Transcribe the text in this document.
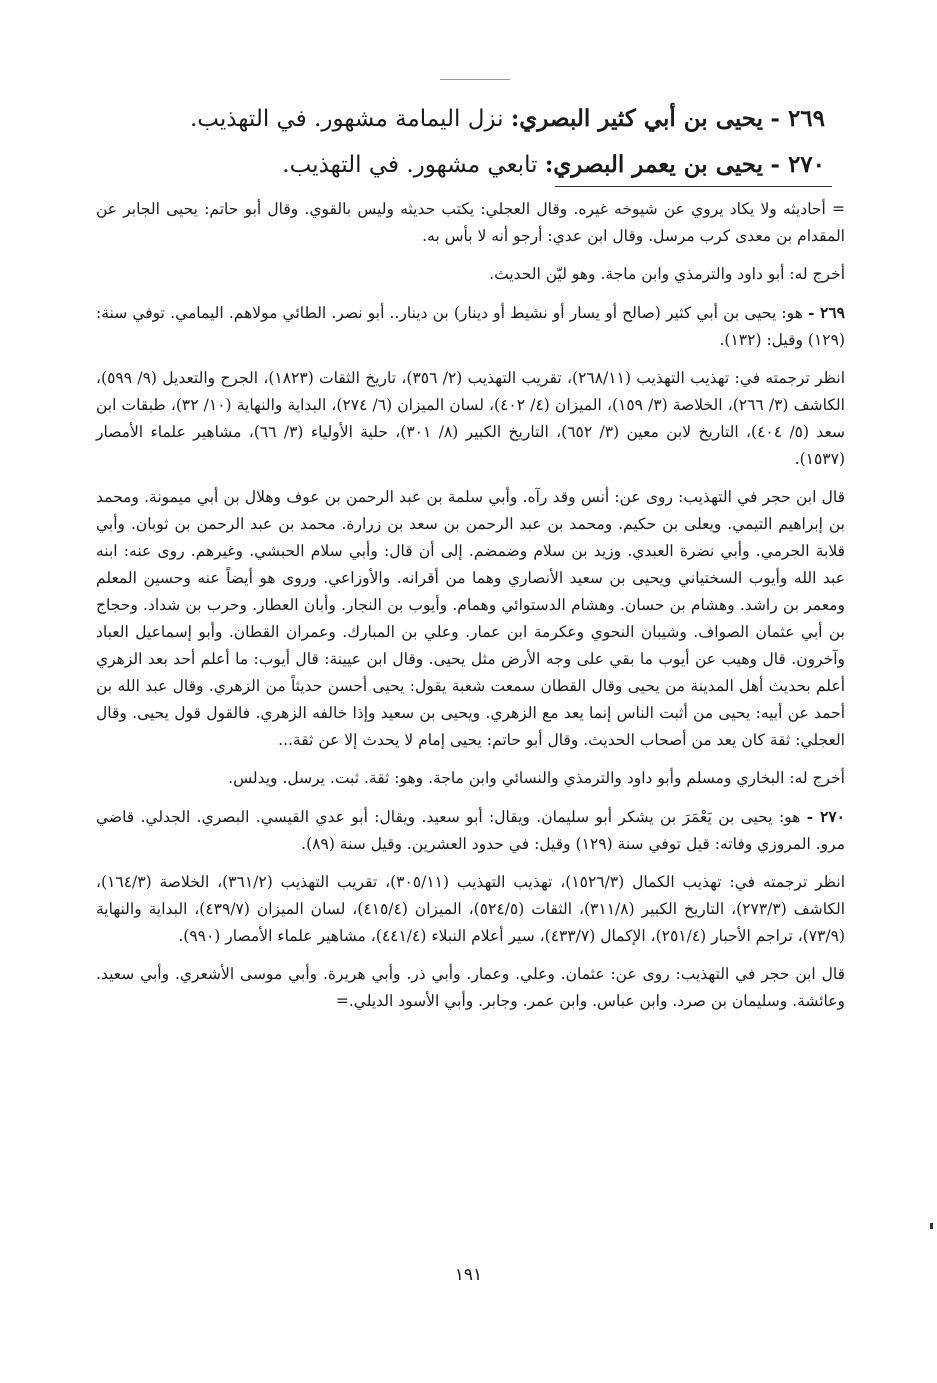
٢٦٩ - يحيى بن أبي كثير البصري: نزل اليمامة مشهور. في التهذيب.
٢٧٠ - يحيى بن يعمر البصري: تابعي مشهور. في التهذيب.

= أحاديثه ولا يكاد يروي عن شيوخه غيره. وقال العجلي: يكتب حديثه وليس بالقوي. وقال أبو حاتم: يحيى الجابر عن المقدام بن معدى كرب مرسل. وقال ابن عدي: أرجو أنه لا بأس به.

أخرج له: أبو داود والترمذي وابن ماجة. وهو ليّن الحديث.

٢٦٩ - هو: يحيى بن أبي كثير (صالح أو يسار أو نشيط أو دينار) بن دينار.. أبو نصر. الطائي مولاهم. اليمامي. توفي سنة: (١٢٩) وقيل: (١٣٢).

انظر ترجمته في: تهذيب التهذيب (٢٦٨/١١)، تقريب التهذيب (٢/ ٣٥٦)، تاريخ الثقات (١٨٢٣)، الجرح والتعديل (٩/ ٥٩٩)، الكاشف (٣/ ٢٦٦)، الخلاصة (٣/ ١٥٩)، الميزان (٤/ ٤٠٢)، لسان الميزان (٦/ ٢٧٤)، البداية والنهاية (١٠/ ٣٢)، طبقات ابن سعد (٥/ ٤٠٤)، التاريخ لابن معين (٣/ ٦٥٢)، التاريخ الكبير (٨/ ٣٠١)، حلية الأولياء (٣/ ٦٦)، مشاهير علماء الأمصار (١٥٣٧).

قال ابن حجر في التهذيب: روى عن: أنس وقد رآه. وأبي سلمة بن عبد الرحمن بن عوف وهلال بن أبي ميمونة. ومحمد بن إبراهيم التيمي. ويعلى بن حكيم. ومحمد بن عبد الرحمن بن سعد بن زرارة. محمد بن عبد الرحمن بن ثوبان. وأبي قلابة الجرمي. وأبي نضرة العبدي. وزيد بن سلام وضمضم. إلى أن قال: وأبي سلام الحبشي. وغيرهم. روى عنه: ابنه عبد الله وأيوب السختياني ويحيى بن سعيد الأنصاري وهما من أقرانه. والأوزاعي. وروى هو أيضاً عنه وحسين المعلم ومعمر بن راشد. وهشام بن حسان. وهشام الدستوائي وهمام. وأيوب بن النجار. وأبان العطار. وحرب بن شداد. وحجاج بن أبي عثمان الصواف. وشيبان النحوي وعكرمة ابن عمار. وعلي بن المبارك. وعمران القطان. وأبو إسماعيل العباد وآخرون. قال وهيب عن أيوب ما بقي على وجه الأرض مثل يحيى. وقال ابن عيينة: قال أيوب: ما أعلم أحد بعد الزهري أعلم بحديث أهل المدينة من يحيى وقال القطان سمعت شعبة يقول: يحيى أحسن حديثاً من الزهري. وقال عبد الله بن أحمد عن أبيه: يحيى من أثبت الناس إنما يعد مع الزهري. ويحيى بن سعيد وإذا خالفه الزهري. فالقول قول يحيى. وقال العجلي: ثقة كان يعد من أصحاب الحديث. وقال أبو حاتم: يحيى إمام لا يحدث إلا عن ثقة...

أخرج له: البخاري ومسلم وأبو داود والترمذي والنسائي وابن ماجة. وهو: ثقة. ثبت. يرسل. ويدلس.

٢٧٠ - هو: يحيى بن يَعْمَرَ بن يشكر أبو سليمان. ويقال: أبو سعيد. ويقال: أبو عدي القيسي. البصري. الجدلي. قاضي مرو. المروزي وفاته: قيل توفي سنة (١٢٩) وقيل: في حدود العشرين. وقيل سنة (٨٩).

انظر ترجمته في: تهذيب الكمال (١٥٢٦/٣)، تهذيب التهذيب (٣٠٥/١١)، تقريب التهذيب (٣٦١/٢)، الخلاصة (١٦٤/٣)، الكاشف (٢٧٣/٣)، التاريخ الكبير (٣١١/٨)، الثقات (٥٢٤/٥)، الميزان (٤١٥/٤)، لسان الميزان (٤٣٩/٧)، البداية والنهاية (٧٣/٩)، تراجم الأحبار (٢٥١/٤)، الإكمال (٤٣٣/٧)، سير أعلام النبلاء (٤٤١/٤)، مشاهير علماء الأمصار (٩٩٠).

قال ابن حجر في التهذيب: روى عن: عثمان. وعلي. وعمار. وأبي ذر. وأبي هريرة. وأبي موسى الأشعري. وأبي سعيد. وعائشة. وسليمان بن صرد. وابن عباس. وابن عمر. وجابر. وأبي الأسود الديلي.=

١٩١
